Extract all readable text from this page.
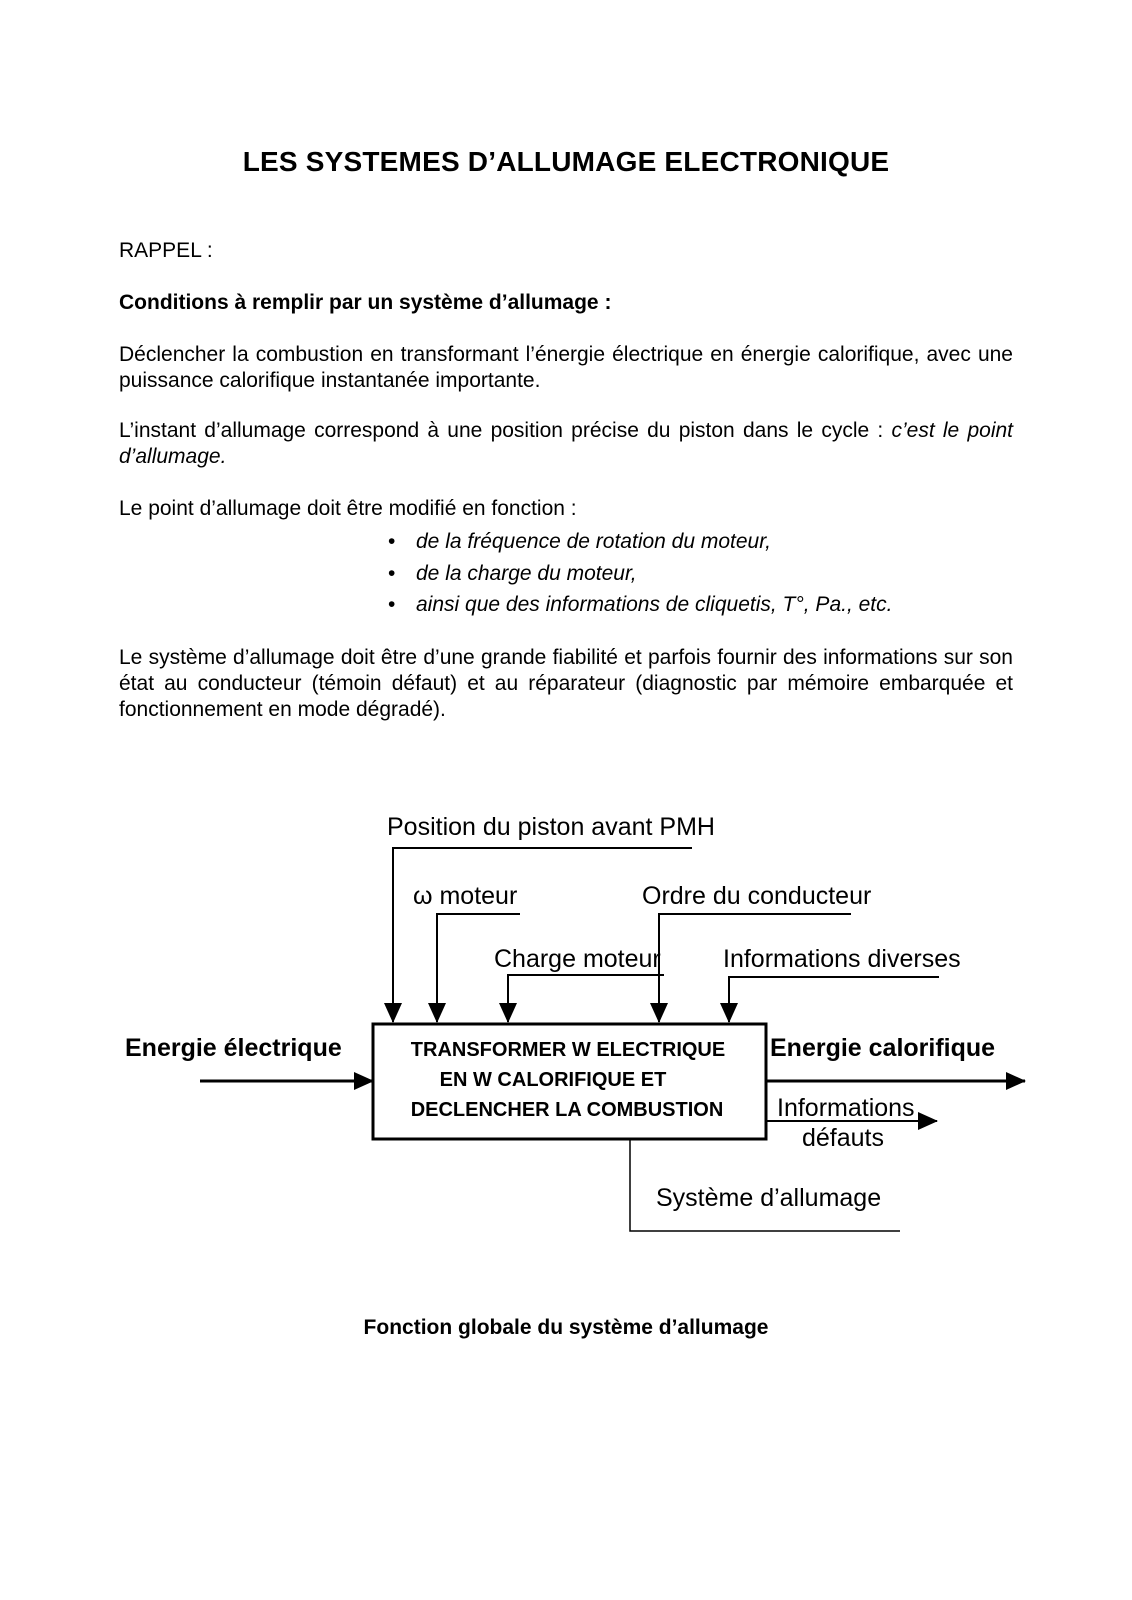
LES SYSTEMES D’ALLUMAGE ELECTRONIQUE
RAPPEL :
Conditions à remplir par un système d’allumage :
Déclencher la combustion en transformant l’énergie électrique en énergie calorifique, avec une puissance calorifique instantanée importante.
L’instant d’allumage correspond à une position précise du piston dans le cycle : c’est le point d’allumage.
Le point d’allumage doit être modifié en fonction :
• de la fréquence de rotation du moteur,
• de la charge du moteur,
• ainsi que des informations de cliquetis, T°, Pa., etc.
Le système d’allumage doit être d’une grande fiabilité et parfois fournir des informations sur son état au conducteur (témoin défaut) et au réparateur (diagnostic par mémoire embarquée et fonctionnement en mode dégradé).
Position du piston avant PMH
ω moteur	Ordre du conducteur
Charge moteur Informations diverses
TRANSFORMER W ELECTRIQUE
EN W CALORIFIQUE ET
DECLENCHER LA COMBUSTION
Energie électrique	Energie calorifique
Informations
défauts
Système d’allumage
Fonction globale du système d’allumage
